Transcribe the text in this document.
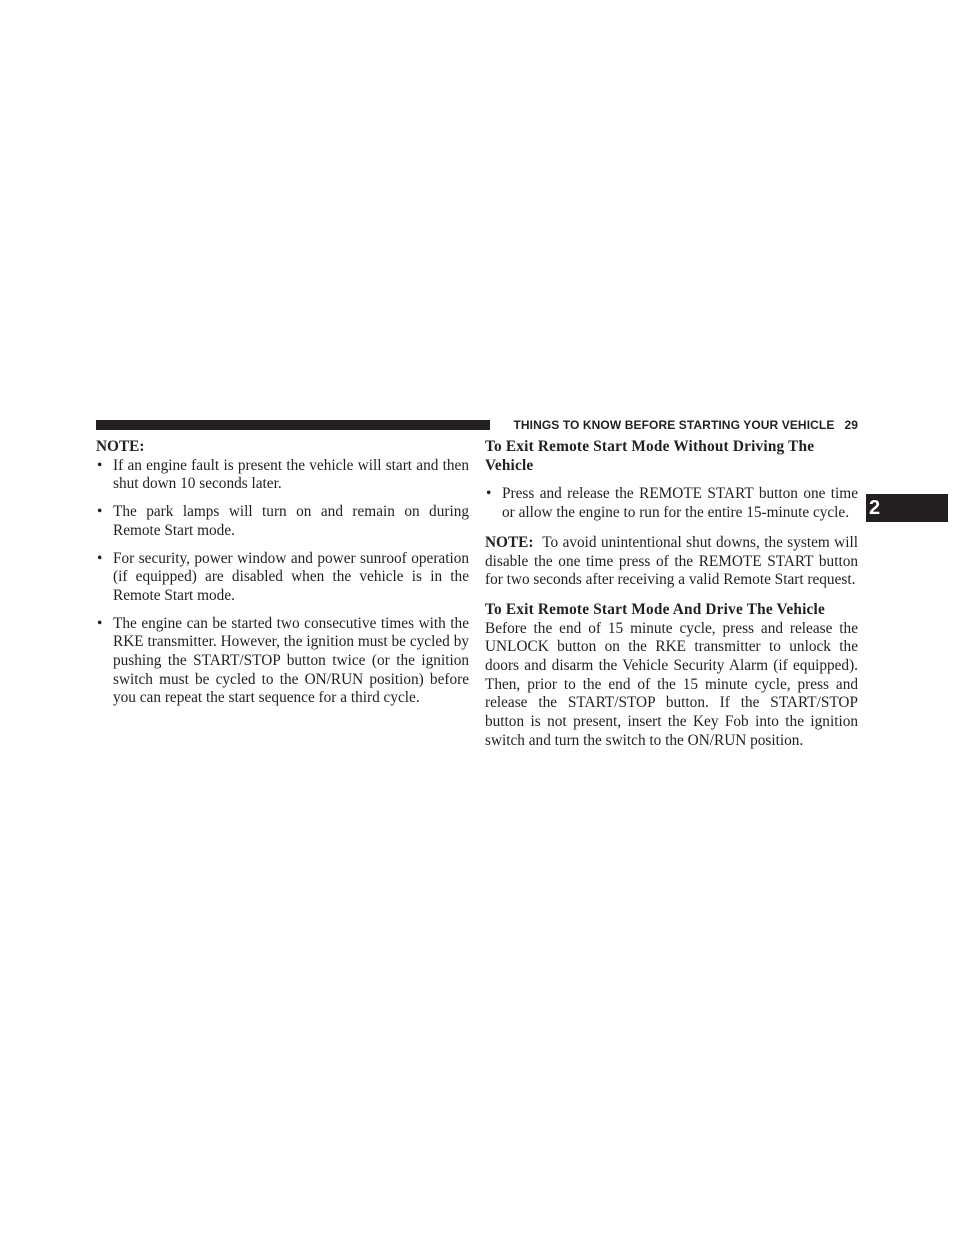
THINGS TO KNOW BEFORE STARTING YOUR VEHICLE 29
2

NOTE:

• If an engine fault is present the vehicle will start and then shut down 10 seconds later.
• The park lamps will turn on and remain on during Remote Start mode.
• For security, power window and power sunroof operation (if equipped) are disabled when the vehicle is in the Remote Start mode.
• The engine can be started two consecutive times with the RKE transmitter. However, the ignition must be cycled by pushing the START/STOP button twice (or the ignition switch must be cycled to the ON/RUN position) before you can repeat the start sequence for a third cycle.
To Exit Remote Start Mode Without Driving The Vehicle
• Press and release the REMOTE START button one time or allow the engine to run for the entire 15-minute cycle.

NOTE: To avoid unintentional shut downs, the system will disable the one time press of the REMOTE START button for two seconds after receiving a valid Remote Start request.

To Exit Remote Start Mode And Drive The Vehicle

Before the end of 15 minute cycle, press and release the UNLOCK button on the RKE transmitter to unlock the doors and disarm the Vehicle Security Alarm (if equipped). Then, prior to the end of the 15 minute cycle, press and release the START/STOP button. If the START/STOP button is not present, insert the Key Fob into the ignition switch and turn the switch to the ON/RUN position.
